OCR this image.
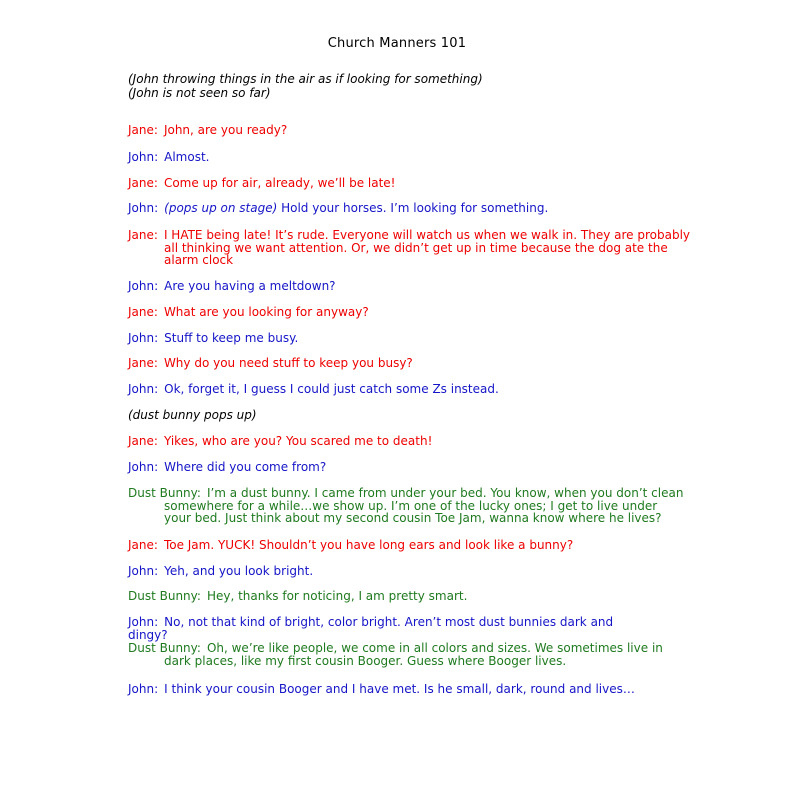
Church Manners 101
(John throwing things in the air as if looking for something)
(John is not seen so far)
Jane: John, are you ready?
John: Almost.
Jane: Come up for air, already, we’ll be late!
John: (pops up on stage) Hold your horses. I’m looking for something.
Jane: I HATE being late! It’s rude. Everyone will watch us when we walk in. They are probably all thinking we want attention. Or, we didn’t get up in time because the dog ate the alarm clock
John: Are you having a meltdown?
Jane: What are you looking for anyway?
John: Stuff to keep me busy.
Jane: Why do you need stuff to keep you busy?
John: Ok, forget it, I guess I could just catch some Zs instead.
(dust bunny pops up)
Jane: Yikes, who are you? You scared me to death!
John: Where did you come from?
Dust Bunny: I’m a dust bunny. I came from under your bed. You know, when you don’t clean somewhere for a while…we show up. I’m one of the lucky ones; I get to live under your bed. Just think about my second cousin Toe Jam, wanna know where he lives?
Jane: Toe Jam. YUCK! Shouldn’t you have long ears and look like a bunny?
John: Yeh, and you look bright.
Dust Bunny: Hey, thanks for noticing, I am pretty smart.
John: No, not that kind of bright, color bright. Aren’t most dust bunnies dark and dingy?
Dust Bunny: Oh, we’re like people, we come in all colors and sizes. We sometimes live in dark places, like my first cousin Booger. Guess where Booger lives.
John: I think your cousin Booger and I have met. Is he small, dark, round and lives…
